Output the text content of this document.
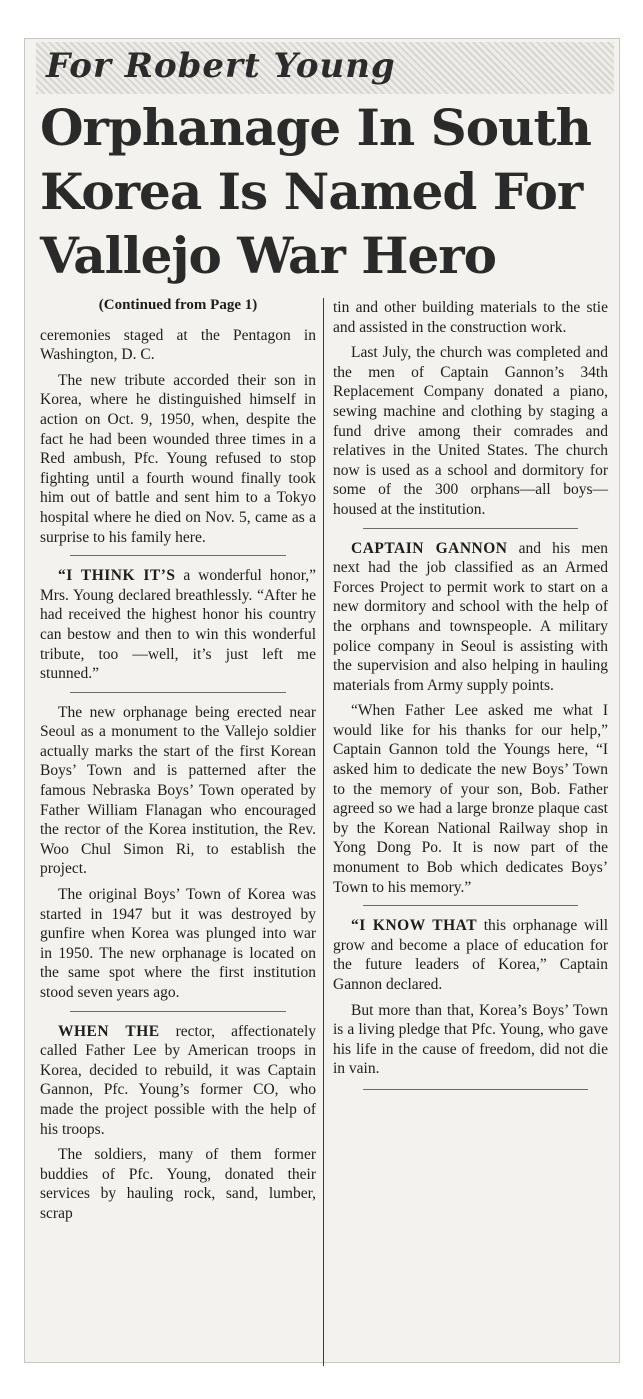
For Robert Young
Orphanage In South
Korea Is Named For
Vallejo War Hero

(Continued from Page 1)

ceremonies staged at the Pentagon in Washington, D. C.

The new tribute accorded their son in Korea, where he distinguished himself in action on Oct. 9, 1950, when, despite the fact he had been wounded three times in a Red ambush, Pfc. Young refused to stop fighting until a fourth wound finally took him out of battle and sent him to a Tokyo hospital where he died on Nov. 5, came as a surprise to his family here.

“I THINK IT’S a wonderful honor,” Mrs. Young declared breathlessly. “After he had received the highest honor his country can bestow and then to win this wonderful tribute, too —well, it’s just left me stunned.”

The new orphanage being erected near Seoul as a monument to the Vallejo soldier actually marks the start of the first Korean Boys’ Town and is patterned after the famous Nebraska Boys’ Town operated by Father William Flanagan who encouraged the rector of the Korea institution, the Rev. Woo Chul Simon Ri, to establish the project.

The original Boys’ Town of Korea was started in 1947 but it was destroyed by gunfire when Korea was plunged into war in 1950. The new orphanage is located on the same spot where the first institution stood seven years ago.

WHEN THE rector, affectionately called Father Lee by American troops in Korea, decided to rebuild, it was Captain Gannon, Pfc. Young’s former CO, who made the project possible with the help of his troops.

The soldiers, many of them former buddies of Pfc. Young, donated their services by hauling rock, sand, lumber, scrap

tin and other building materials to the stie and assisted in the construction work.

Last July, the church was completed and the men of Captain Gannon’s 34th Replacement Company donated a piano, sewing machine and clothing by staging a fund drive among their comrades and relatives in the United States. The church now is used as a school and dormitory for some of the 300 orphans—all boys—housed at the institution.

CAPTAIN GANNON and his men next had the job classified as an Armed Forces Project to permit work to start on a new dormitory and school with the help of the orphans and townspeople. A military police company in Seoul is assisting with the supervision and also helping in hauling materials from Army supply points.

“When Father Lee asked me what I would like for his thanks for our help,” Captain Gannon told the Youngs here, “I asked him to dedicate the new Boys’ Town to the memory of your son, Bob. Father agreed so we had a large bronze plaque cast by the Korean National Railway shop in Yong Dong Po. It is now part of the monument to Bob which dedicates Boys’ Town to his memory.”

“I KNOW THAT this orphanage will grow and become a place of education for the future leaders of Korea,” Captain Gannon declared.

But more than that, Korea’s Boys’ Town is a living pledge that Pfc. Young, who gave his life in the cause of freedom, did not die in vain.
